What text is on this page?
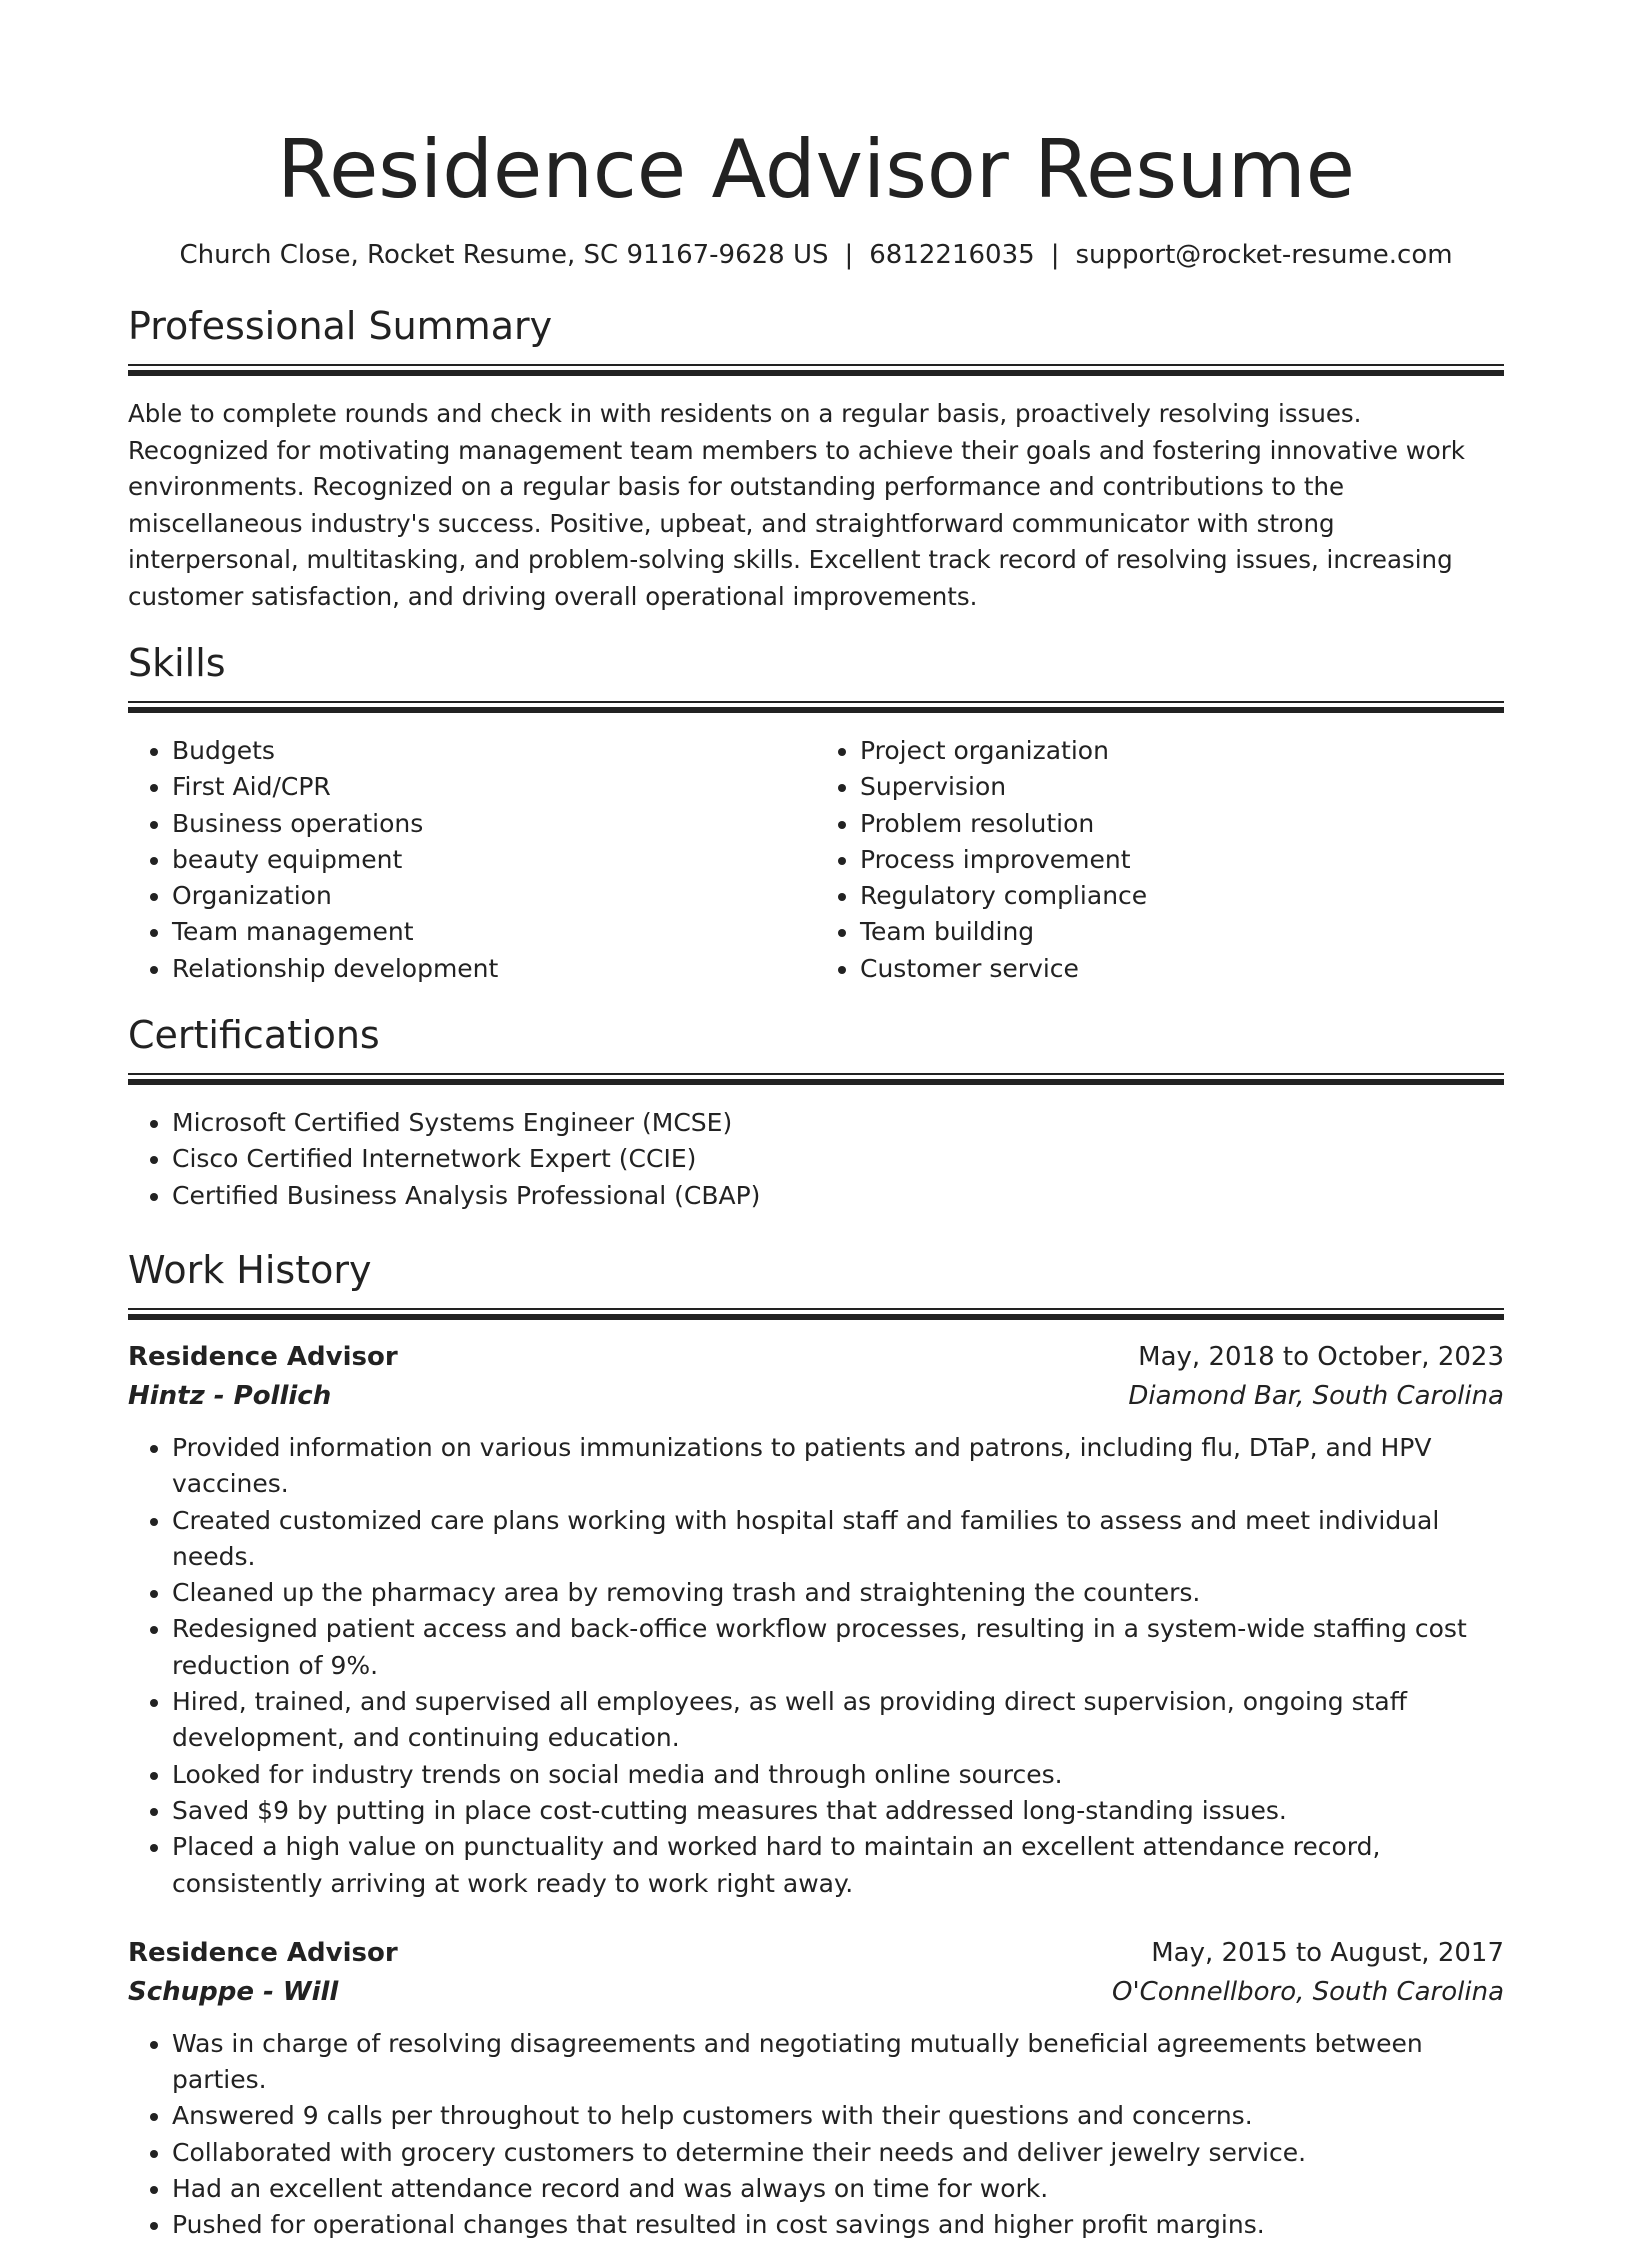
Residence Advisor Resume
Church Close, Rocket Resume, SC 91167-9628 US | 6812216035 | support@rocket-resume.com
Professional Summary

Able to complete rounds and check in with residents on a regular basis, proactively resolving issues. Recognized for motivating management team members to achieve their goals and fostering innovative work environments. Recognized on a regular basis for outstanding performance and contributions to the miscellaneous industry's success. Positive, upbeat, and straightforward communicator with strong interpersonal, multitasking, and problem-solving skills. Excellent track record of resolving issues, increasing customer satisfaction, and driving overall operational improvements.

Skills
• Budgets
• First Aid/CPR
• Business operations
• beauty equipment
• Organization
• Team management
• Relationship development
• Project organization
• Supervision
• Problem resolution
• Process improvement
• Regulatory compliance
• Team building
• Customer service
Certifications
• Microsoft Certified Systems Engineer (MCSE)
• Cisco Certified Internetwork Expert (CCIE)
• Certified Business Analysis Professional (CBAP)
Work History
Residence Advisor	May, 2018 to October, 2023
Hintz - Pollich	Diamond Bar, South Carolina
• Provided information on various immunizations to patients and patrons, including flu, DTaP, and HPV vaccines.
• Created customized care plans working with hospital staff and families to assess and meet individual needs.
• Cleaned up the pharmacy area by removing trash and straightening the counters.
• Redesigned patient access and back-office workflow processes, resulting in a system-wide staffing cost reduction of 9%.
• Hired, trained, and supervised all employees, as well as providing direct supervision, ongoing staff development, and continuing education.
• Looked for industry trends on social media and through online sources.
• Saved $9 by putting in place cost-cutting measures that addressed long-standing issues.
• Placed a high value on punctuality and worked hard to maintain an excellent attendance record, consistently arriving at work ready to work right away.
Residence Advisor	May, 2015 to August, 2017
Schuppe - Will	O'Connellboro, South Carolina
• Was in charge of resolving disagreements and negotiating mutually beneficial agreements between parties.
• Answered 9 calls per throughout to help customers with their questions and concerns.
• Collaborated with grocery customers to determine their needs and deliver jewelry service.
• Had an excellent attendance record and was always on time for work.
• Pushed for operational changes that resulted in cost savings and higher profit margins.
